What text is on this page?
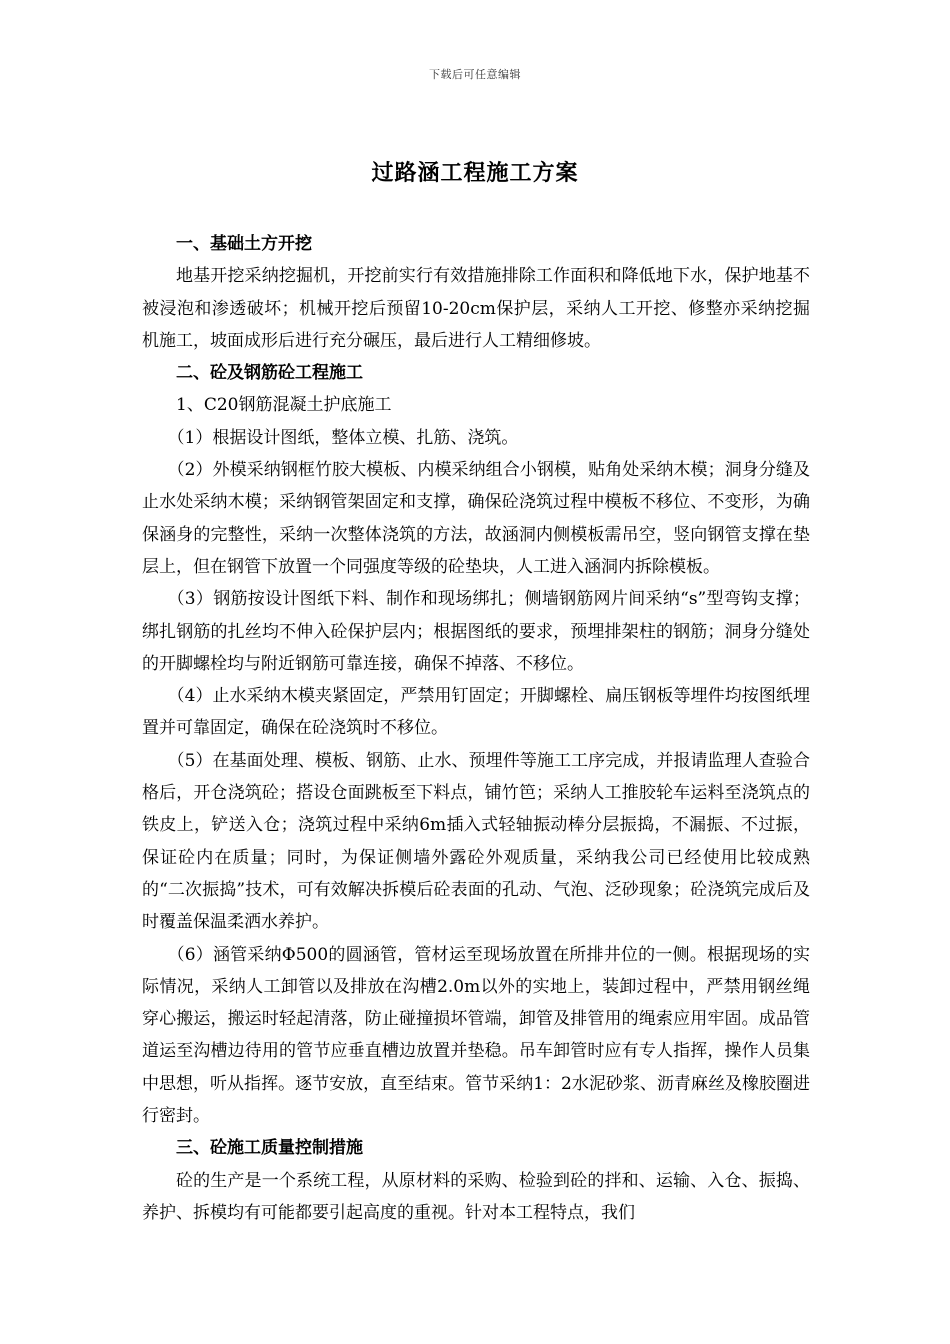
下载后可任意编辑
过路涵工程施工方案

一、基础土方开挖

地基开挖采纳挖掘机，开挖前实行有效措施排除工作面积和降低地下水，保护地基不被浸泡和渗透破坏；机械开挖后预留10-20cm保护层，采纳人工开挖、修整亦采纳挖掘机施工，坡面成形后进行充分碾压，最后进行人工精细修坡。

二、砼及钢筋砼工程施工

1、C20钢筋混凝土护底施工

（1）根据设计图纸，整体立模、扎筋、浇筑。

（2）外模采纳钢框竹胶大模板、内模采纳组合小钢模，贴角处采纳木模；洞身分缝及止水处采纳木模；采纳钢管架固定和支撑，确保砼浇筑过程中模板不移位、不变形，为确保涵身的完整性，采纳一次整体浇筑的方法，故涵洞内侧模板需吊空，竖向钢管支撑在垫层上，但在钢管下放置一个同强度等级的砼垫块，人工进入涵洞内拆除模板。

（3）钢筋按设计图纸下料、制作和现场绑扎；侧墙钢筋网片间采纳“s”型弯钩支撑；绑扎钢筋的扎丝均不伸入砼保护层内；根据图纸的要求，预埋排架柱的钢筋；洞身分缝处的开脚螺栓均与附近钢筋可靠连接，确保不掉落、不移位。

（4）止水采纳木模夹紧固定，严禁用钉固定；开脚螺栓、扁压钢板等埋件均按图纸埋置并可靠固定，确保在砼浇筑时不移位。

（5）在基面处理、模板、钢筋、止水、预埋件等施工工序完成，并报请监理人查验合格后，开仓浇筑砼；搭设仓面跳板至下料点，铺竹笆；采纳人工推胶轮车运料至浇筑点的铁皮上，铲送入仓；浇筑过程中采纳6m插入式轻轴振动棒分层振捣，不漏振、不过振，保证砼内在质量；同时，为保证侧墙外露砼外观质量，采纳我公司已经使用比较成熟的“二次振捣”技术，可有效解决拆模后砼表面的孔动、气泡、泛砂现象；砼浇筑完成后及时覆盖保温柔洒水养护。

（6）涵管采纳Φ500的圆涵管，管材运至现场放置在所排井位的一侧。根据现场的实际情况，采纳人工卸管以及排放在沟槽2.0m以外的实地上，装卸过程中，严禁用钢丝绳穿心搬运，搬运时轻起清落，防止碰撞损坏管端，卸管及排管用的绳索应用牢固。成品管道运至沟槽边待用的管节应垂直槽边放置并垫稳。吊车卸管时应有专人指挥，操作人员集中思想，听从指挥。逐节安放，直至结束。管节采纳1：2水泥砂浆、沥青麻丝及橡胶圈进行密封。

三、砼施工质量控制措施

砼的生产是一个系统工程，从原材料的采购、检验到砼的拌和、运输、入仓、振捣、养护、拆模均有可能都要引起高度的重视。针对本工程特点，我们
